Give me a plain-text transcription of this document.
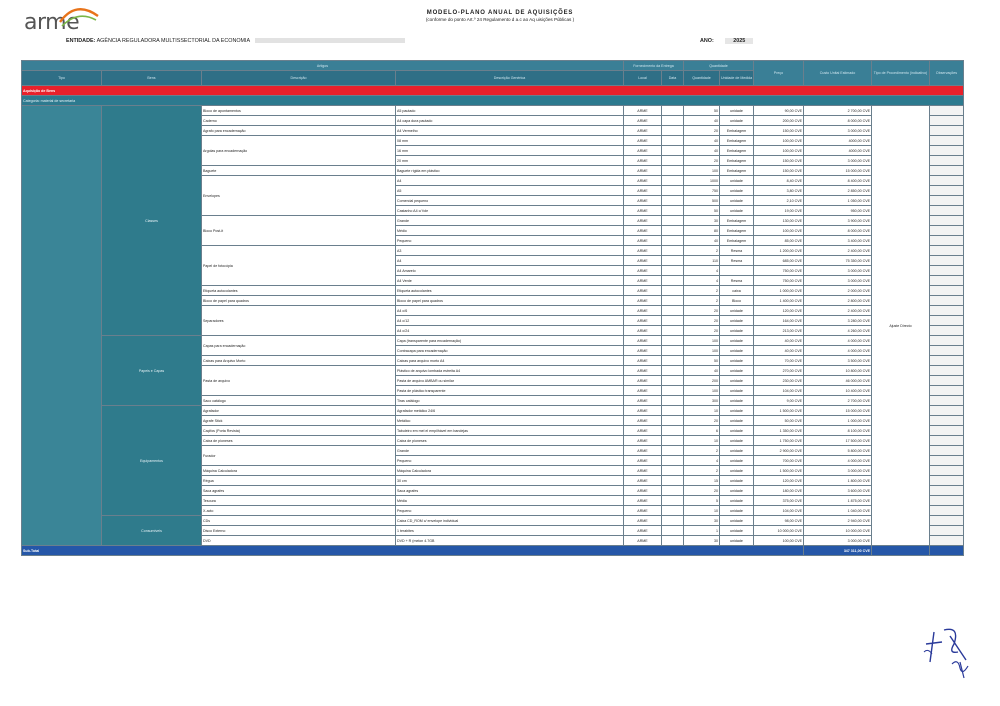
arme	MODELO-PLANO ANUAL DE AQUISIÇÕES
(conforme do ponto Art.º 24 Regulamento d a.c ao Aq uisições Públicas )
ENTIDADE: AGÊNCIA REGULADORA MULTISSECTORIAL DA ECONOMIA	ANO:	2025
Artigos				Fornecimento da Entrega		Quantidade		Preço	Custo Unitai Estimado	Tipo de Procedimento (indicativo)	Observações
Tipo	Bens	Descrição	Descrição Genérica	Local	Data	Quantidade	Unidade de Medida				
Aquisição de Bens											
Categoria: material de secretaria											
	Classes	Bloco de apontamentos	A5 pautado	ARME		50	unidade	90,00 CVE	2 700,00 CVE	Ajuste Directo	
		Caderno	A4 capa dura pautado	ARME		40	unidade	200,00 CVE	8 000,00 CVE		
		Agrafo para encadernação	A4 Vermelho	ARME		20	Embalagem	150,00 CVE	3 000,00 CVE		
		Argolas para encadernação	08 mm	ARME		40	Embalagem	100,00 CVE	4000,00 CVE		
			16 mm	ARME		40	Embalagem	100,00 CVE	4000,00 CVE		
			20 mm	ARME		20	Embalagem	150,00 CVE	3 000,00 CVE		
		Baguete	Baguete rígida em plástico	ARME		100	Embalagem	150,00 CVE	15 000,00 CVE		
		Envelopes	A4	ARME		1000	unidade	8,40 CVE	8 400,00 CVE		
			A5	ARME		750	unidade	3,80 CVE	2 850,00 CVE		
			Comercial pequeno	ARME		500	unidade	2,10 CVE	1 050,00 CVE		
			Castanho A4 c/ fole	ARME		50	unidade	19,00 CVE	950,00 CVE		
		Bloco Post-it	Grande	ARME		30	Embalagem	130,00 CVE	3 900,00 CVE		
			Médio	ARME		80	Embalagem	100,00 CVE	8 000,00 CVE		
			Pequeno	ARME		40	Embalagem	85,00 CVE	3 400,00 CVE		
		Papel de fotocópia	A3	ARME		2	Resma	1 200,00 CVE	2 400,00 CVE		
			A4	ARME		110	Resma	685,00 CVE	75 350,00 CVE		
			A4 Amarelo	ARME		4		750,00 CVE	3 000,00 CVE		
			A4 Verde	ARME		4	Resma	750,00 CVE	3 000,00 CVE		
		Etiqueta autocolantes	Etiqueta autocolantes	ARME		2	caixa	1 000,00 CVE	2 000,00 CVE		
		Bloco de papel para quadros	Bloco de papel para quadros	ARME		2	Bloco	1 400,00 CVE	2 800,00 CVE		
		Separadores	A4 c/6	ARME		20	unidade	120,00 CVE	2 400,00 CVE		
			A4 c/12	ARME		20	unidade	164,00 CVE	3 280,00 CVE		
			A4 c/24	ARME		20	unidade	213,00 CVE	4 260,00 CVE		
	Papeis e Capas	Capas para encadernação	Capa (transparente para encadernação)	ARME		100	unidade	40,00 CVE	4 000,00 CVE		
			Contracapa para encadernação	ARME		100	unidade	40,00 CVE	4 000,00 CVE		
		Caixas para Arquivo Morto	Caixas para arquivo morto A4	ARME		50	unidade	70,00 CVE	3 500,00 CVE		
		Pasta de arquivo	Plástico de arquivo lombada estreita A4	ARME		40	unidade	270,00 CVE	10 800,00 CVE		
			Pasta de arquivo AMBAR ou similar	ARME		200	unidade	230,00 CVE	46 000,00 CVE		
			Pasta de plástico transparente	ARME		100	unidade	104,00 CVE	10 400,00 CVE		
		Saco catálogo	Tiras catálogo	ARME		300	unidade	9,00 CVE	2 700,00 CVE		
	Equipamentos	Agrafador	Agrafador metálico 24/6	ARME		10	unidade	1 500,00 CVE	15 000,00 CVE		
		Agrafe Stick	Metálico	ARME		20	unidade	50,00 CVE	1 000,00 CVE		
		Caçifos (Porta Revista)	Tabuleiro em mel el empilhável em bandejas	ARME		6	unidade	1 350,00 CVE	8 100,00 CVE		
		Caixa de pioneses	Caixa de pioneses	ARME		10	unidade	1 750,00 CVE	17 500,00 CVE		
		Furador	Grande	ARME		2	unidade	2 900,00 CVE	5 800,00 CVE		
			Pequeno	ARME		4	unidade	700,00 CVE	4 000,00 CVE		
		Máquina Calculadora	Máquina Calculadora	ARME		2	unidade	1 500,00 CVE	3 000,00 CVE		
		Régua	30 cm	ARME		15	unidade	120,00 CVE	1 800,00 CVE		
		Saca agrafes	Saca agrafes	ARME		20	unidade	180,00 CVE	3 600,00 CVE		
		Tesoura	Média	ARME		5	unidade	375,00 CVE	1 875,00 CVE		
		X-acto	Pequeno	ARME		10	unidade	104,00 CVE	1 040,00 CVE		
	Consumíveis	CDs	Caixa CD_ROM c/ envelope individual	ARME		30	unidade	98,00 CVE	2 940,00 CVE		
		Disco Externo	1 terabites	ARME		1	unidade	10 000,00 CVE	10 000,00 CVE		
		DVD	DVD + R (melon 4.7GB	ARME		30	unidade	100,00 CVE	3 000,00 CVE		
Sub-Total									347 311,00 CVE		
